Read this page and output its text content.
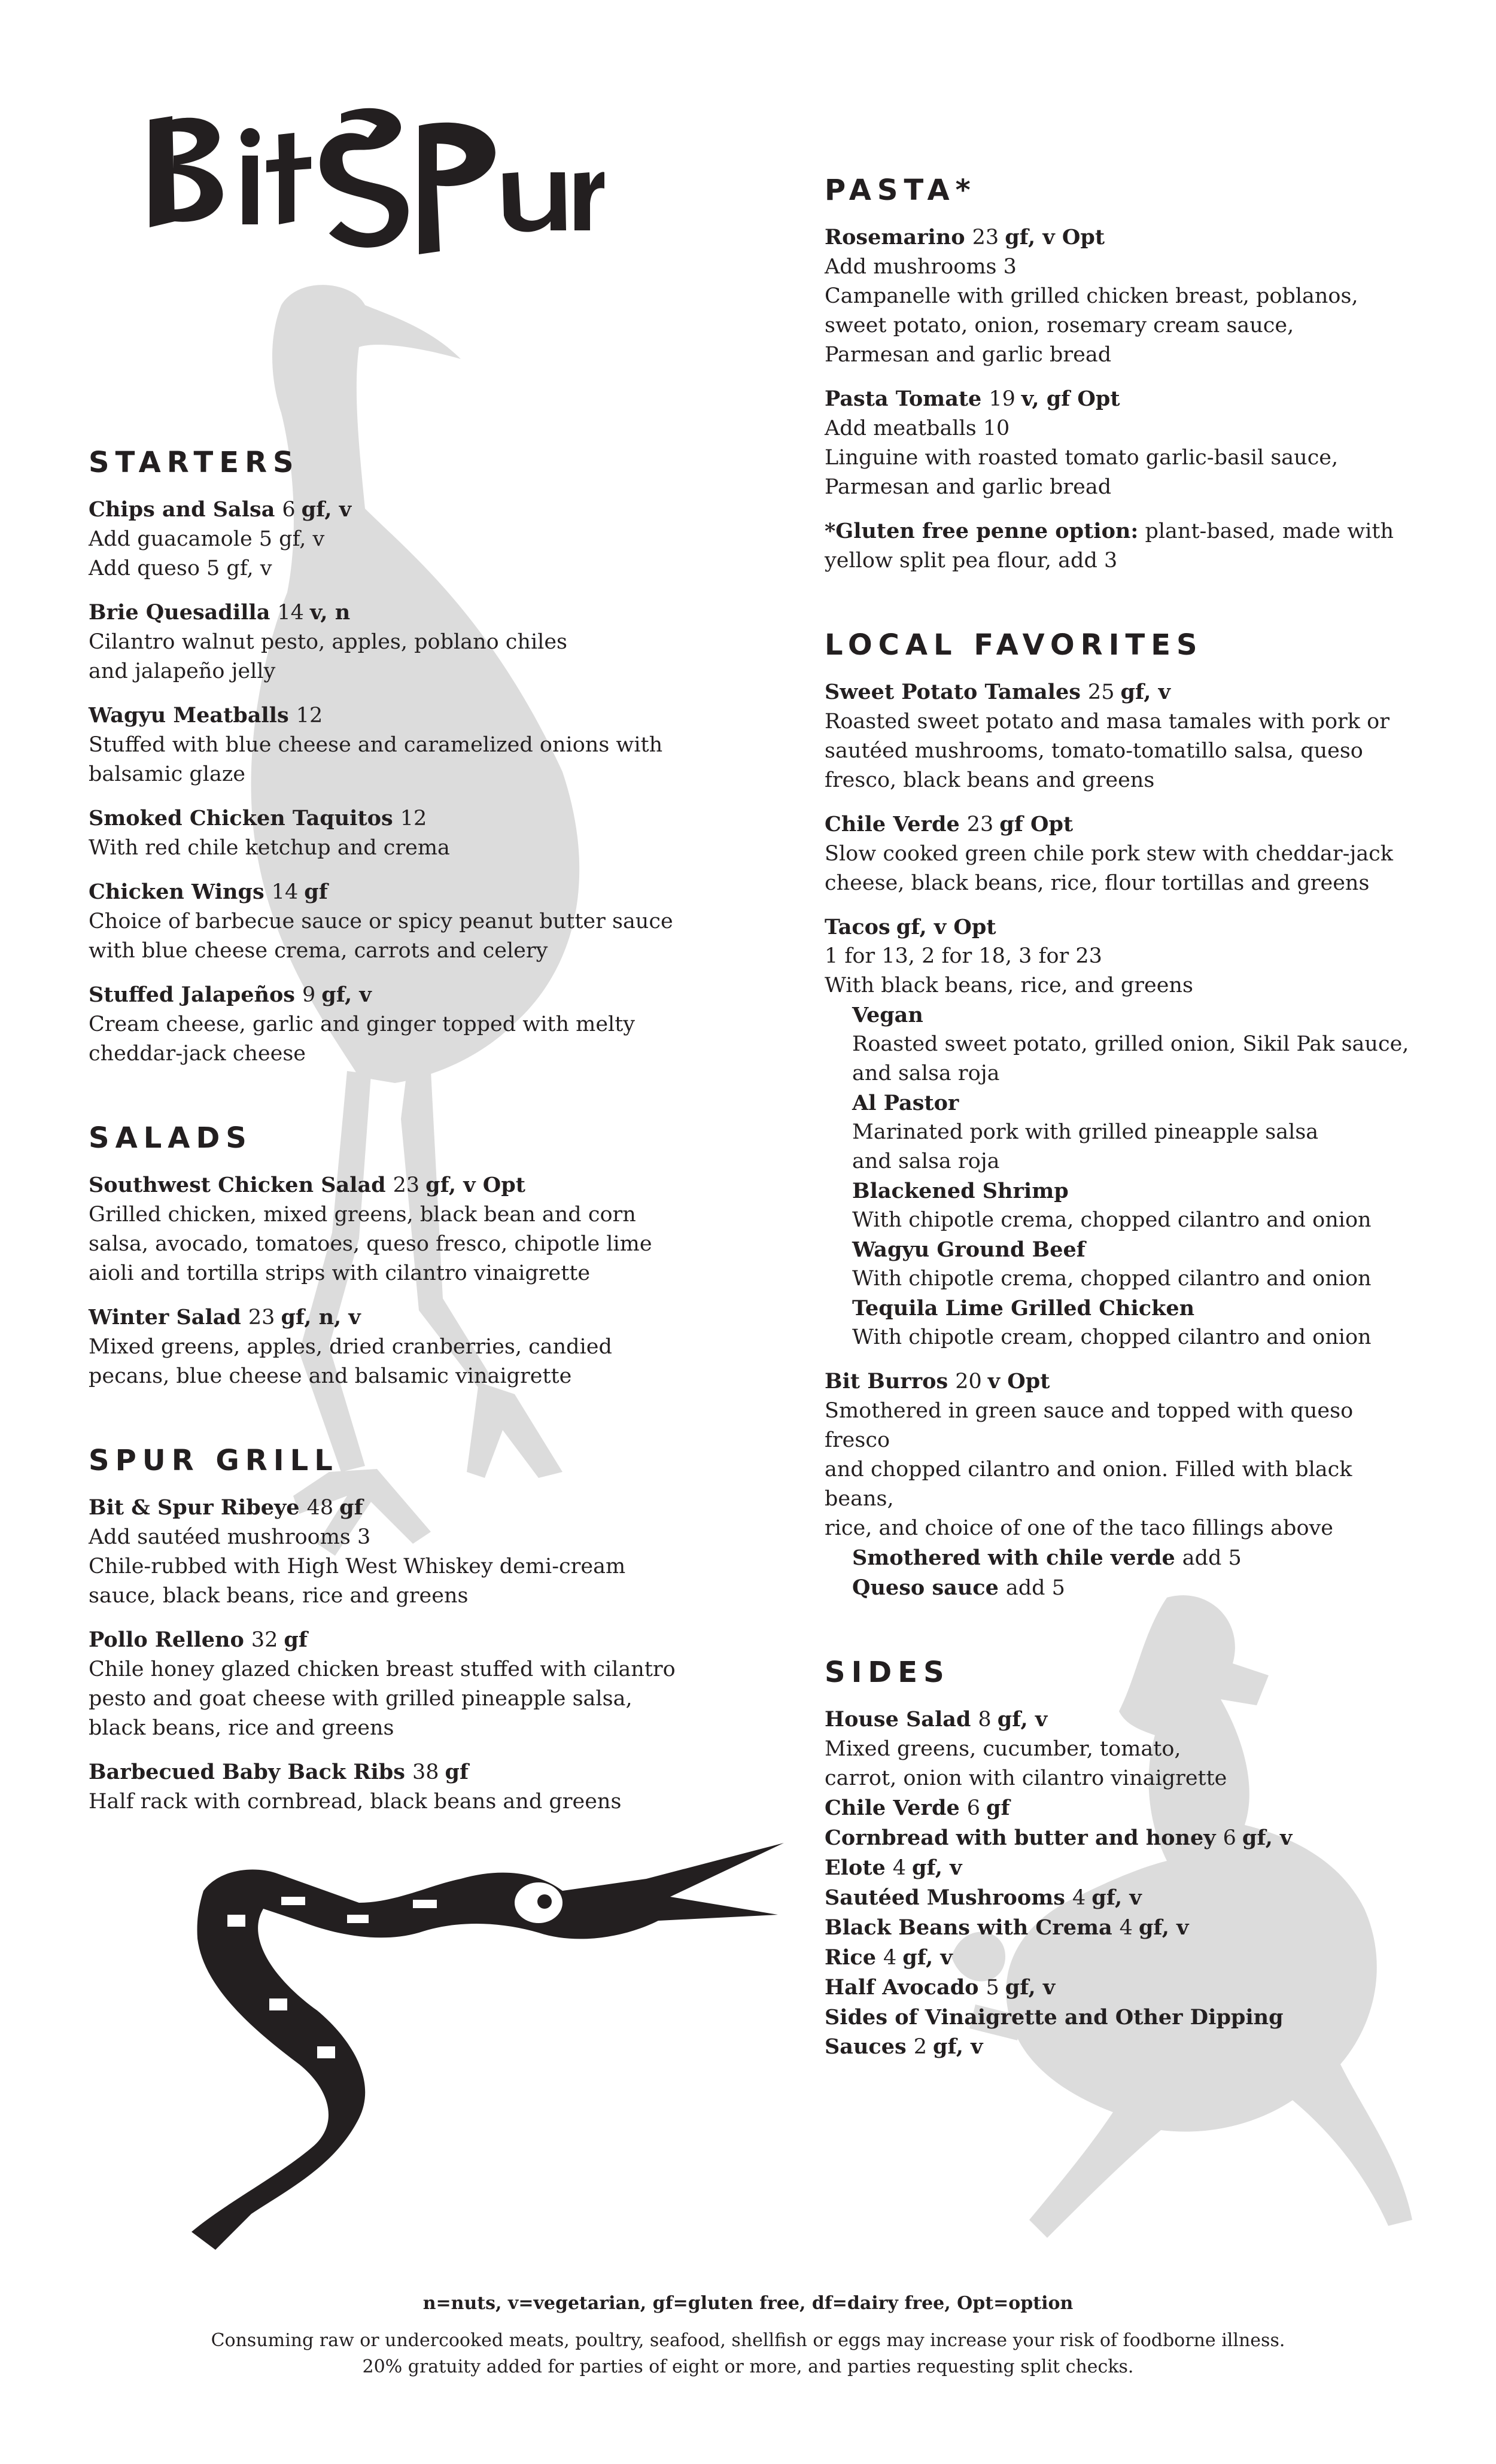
STARTERS
Chips and Salsa 6 gf, v
Add guacamole 5 gf, v
Add queso 5 gf, v
Brie Quesadilla 14 v, n
Cilantro walnut pesto, apples, poblano chiles
and jalapeño jelly
Wagyu Meatballs 12
Stuffed with blue cheese and caramelized onions with
balsamic glaze
Smoked Chicken Taquitos 12
With red chile ketchup and crema
Chicken Wings 14 gf
Choice of barbecue sauce or spicy peanut butter sauce
with blue cheese crema, carrots and celery
Stuffed Jalapeños 9 gf, v
Cream cheese, garlic and ginger topped with melty
cheddar-jack cheese
SALADS
Southwest Chicken Salad 23 gf, v Opt
Grilled chicken, mixed greens, black bean and corn
salsa, avocado, tomatoes, queso fresco, chipotle lime
aioli and tortilla strips with cilantro vinaigrette
Winter Salad 23 gf, n, v
Mixed greens, apples, dried cranberries, candied
pecans, blue cheese and balsamic vinaigrette
SPUR GRILL
Bit & Spur Ribeye 48 gf
Add sautéed mushrooms 3
Chile-rubbed with High West Whiskey demi-cream
sauce, black beans, rice and greens
Pollo Relleno 32 gf
Chile honey glazed chicken breast stuffed with cilantro
pesto and goat cheese with grilled pineapple salsa,
black beans, rice and greens
Barbecued Baby Back Ribs 38 gf
Half rack with cornbread, black beans and greens
PASTA*
Rosemarino 23 gf, v Opt
Add mushrooms 3
Campanelle with grilled chicken breast, poblanos,
sweet potato, onion, rosemary cream sauce,
Parmesan and garlic bread
Pasta Tomate 19 v, gf Opt
Add meatballs 10
Linguine with roasted tomato garlic-basil sauce,
Parmesan and garlic bread
*Gluten free penne option: plant-based, made with
yellow split pea flour, add 3
LOCAL FAVORITES
Sweet Potato Tamales 25 gf, v
Roasted sweet potato and masa tamales with pork or
sautéed mushrooms, tomato-tomatillo salsa, queso
fresco, black beans and greens
Chile Verde 23 gf Opt
Slow cooked green chile pork stew with cheddar-jack
cheese, black beans, rice, flour tortillas and greens
Tacos gf, v Opt
1 for 13, 2 for 18, 3 for 23
With black beans, rice, and greens
Vegan
Roasted sweet potato, grilled onion, Sikil Pak sauce,
and salsa roja
Al Pastor
Marinated pork with grilled pineapple salsa
and salsa roja
Blackened Shrimp
With chipotle crema, chopped cilantro and onion
Wagyu Ground Beef
With chipotle crema, chopped cilantro and onion
Tequila Lime Grilled Chicken
With chipotle cream, chopped cilantro and onion
Bit Burros 20 v Opt
Smothered in green sauce and topped with queso fresco
and chopped cilantro and onion. Filled with black beans,
rice, and choice of one of the taco fillings above
Smothered with chile verde add 5
Queso sauce add 5
SIDES
House Salad 8 gf, v
Mixed greens, cucumber, tomato,
carrot, onion with cilantro vinaigrette
Chile Verde 6 gf
Cornbread with butter and honey 6 gf, v
Elote 4 gf, v
Sautéed Mushrooms 4 gf, v
Black Beans with Crema 4 gf, v
Rice 4 gf, v
Half Avocado 5 gf, v
Sides of Vinaigrette and Other Dipping Sauces 2 gf, v
n=nuts, v=vegetarian, gf=gluten free, df=dairy free, Opt=option
Consuming raw or undercooked meats, poultry, seafood, shellfish or eggs may increase your risk of foodborne illness.
20% gratuity added for parties of eight or more, and parties requesting split checks.
